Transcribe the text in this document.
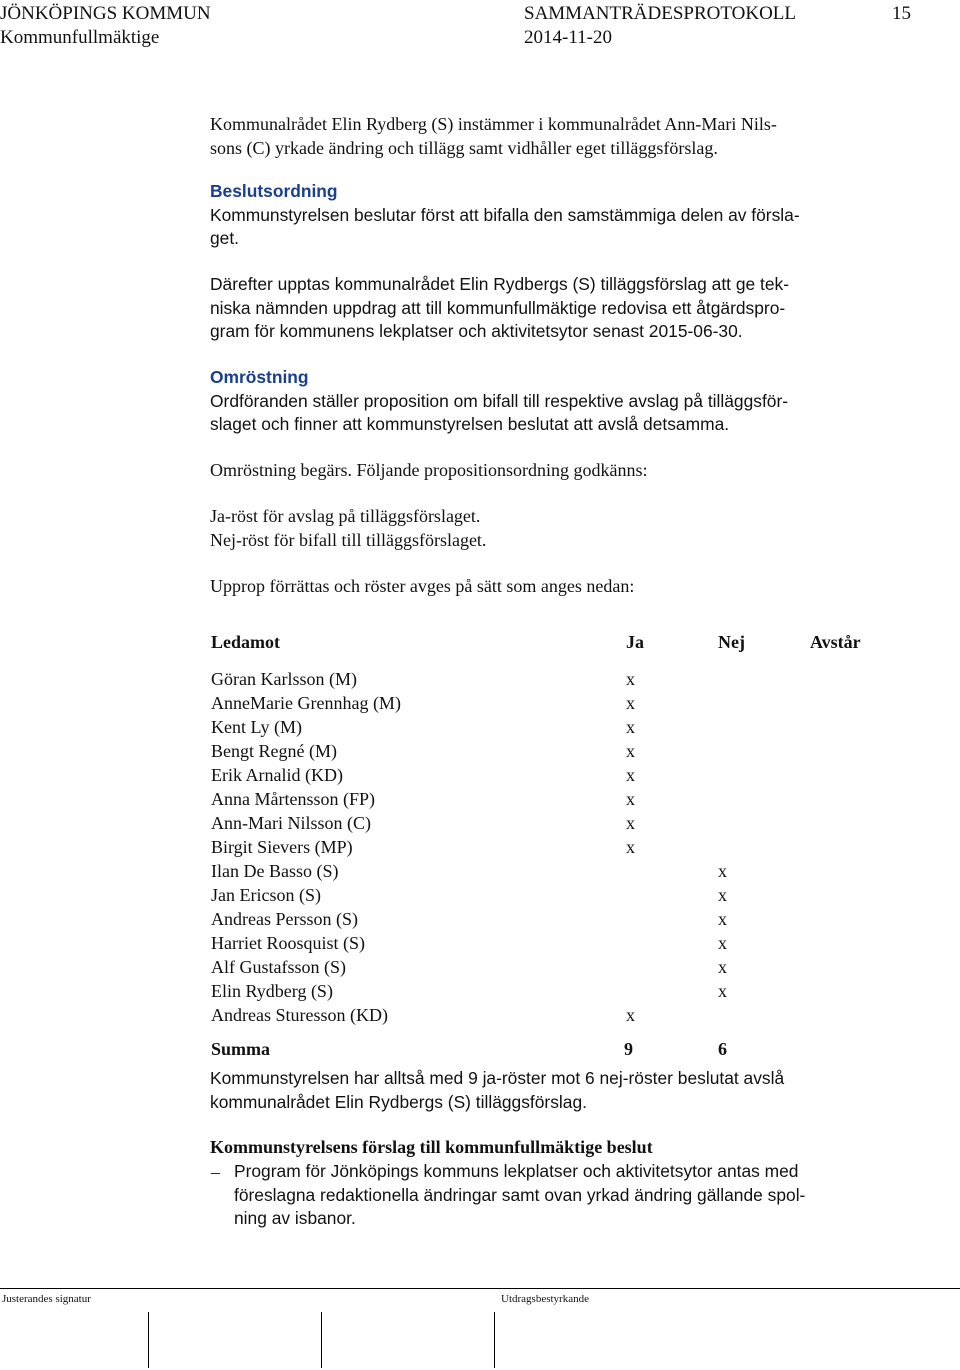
JÖNKÖPINGS KOMMUN
Kommunfullmäktige
SAMMANTRÄDESPROTOKOLL
2014-11-20
15
Kommunalrådet Elin Rydberg (S) instämmer i kommunalrådet Ann-Mari Nils-
sons (C) yrkade ändring och tillägg samt vidhåller eget tilläggsförslag.
Beslutsordning
Kommunstyrelsen beslutar först att bifalla den samstämmiga delen av försla-
get.
Därefter upptas kommunalrådet Elin Rydbergs (S) tilläggsförslag att ge tek-
niska nämnden uppdrag att till kommunfullmäktige redovisa ett åtgärdspro-
gram för kommunens lekplatser och aktivitetsytor senast 2015-06-30.
Omröstning
Ordföranden ställer proposition om bifall till respektive avslag på tilläggsför-
slaget och finner att kommunstyrelsen beslutat att avslå detsamma.
Omröstning begärs. Följande propositionsordning godkänns:
Ja-röst för avslag på tilläggsförslaget.
Nej-röst för bifall till tilläggsförslaget.
Upprop förrättas och röster avges på sätt som anges nedan:
Ledamot	Ja	Nej	Avstår

Göran Karlsson (M)	x		
AnneMarie Grennhag (M)	x		
Kent Ly (M)	x		
Bengt Regné (M)	x		
Erik Arnalid (KD)	x		
Anna Mårtensson (FP)	x		
Ann-Mari Nilsson (C)	x		
Birgit Sievers (MP)	x		
Ilan De Basso (S)		x	
Jan Ericson (S)		x	
Andreas Persson (S)		x	
Harriet Roosquist (S)		x	
Alf Gustafsson (S)		x	
Elin Rydberg (S)		x	
Andreas Sturesson (KD)	x		
Summa	9	6	
Kommunstyrelsen har alltså med 9 ja-röster mot 6 nej-röster beslutat avslå
kommunalrådet Elin Rydbergs (S) tilläggsförslag.
Kommunstyrelsens förslag till kommunfullmäktige beslut
– Program för Jönköpings kommuns lekplatser och aktivitetsytor antas med
föreslagna redaktionella ändringar samt ovan yrkad ändring gällande spol-
ning av isbanor.
Justerandes signatur	Utdragsbestyrkande
